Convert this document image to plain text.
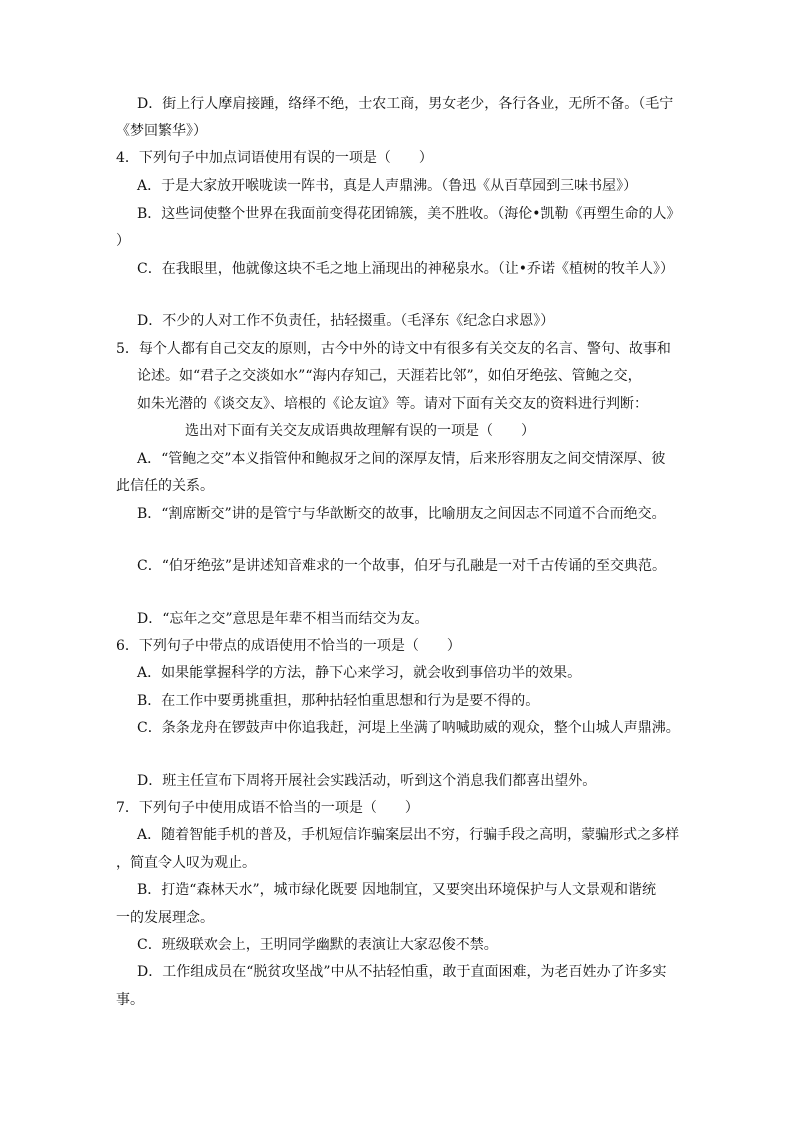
D．街上行人摩肩接踵，络绎不绝，士农工商，男女老少，各行各业，无所不备。（毛宁
《梦回繁华》）
4．下列句子中加点词语使用有误的一项是（　　）
A．于是大家放开喉咙读一阵书，真是人声鼎沸。（鲁迅《从百草园到三味书屋》）
B．这些词使整个世界在我面前变得花团锦簇，美不胜收。（海伦•凯勒《再塑生命的人》
）
C．在我眼里，他就像这块不毛之地上涌现出的神秘泉水。（让•乔诺《植树的牧羊人》）
D．不少的人对工作不负责任，拈轻掇重。（毛泽东《纪念白求恩》）
5．每个人都有自己交友的原则，古今中外的诗文中有很多有关交友的名言、警句、故事和
论述。如“君子之交淡如水”“海内存知己，天涯若比邻”，如伯牙绝弦、管鲍之交，
如朱光潜的《谈交友》、培根的《论友谊》等。请对下面有关交友的资料进行判断：
选出对下面有关交友成语典故理解有误的一项是（　　）
A．“管鲍之交”本义指管仲和鲍叔牙之间的深厚友情，后来形容朋友之间交情深厚、彼
此信任的关系。
B．“割席断交”讲的是管宁与华歆断交的故事，比喻朋友之间因志不同道不合而绝交。
C．“伯牙绝弦”是讲述知音难求的一个故事，伯牙与孔融是一对千古传诵的至交典范。
D．“忘年之交”意思是年辈不相当而结交为友。
6．下列句子中带点的成语使用不恰当的一项是（　　）
A．如果能掌握科学的方法，静下心来学习，就会收到事倍功半的效果。
B．在工作中要勇挑重担，那种拈轻怕重思想和行为是要不得的。
C．条条龙舟在锣鼓声中你追我赶，河堤上坐满了呐喊助威的观众，整个山城人声鼎沸。
D．班主任宣布下周将开展社会实践活动，听到这个消息我们都喜出望外。
7．下列句子中使用成语不恰当的一项是（　　）
A．随着智能手机的普及，手机短信诈骗案层出不穷，行骗手段之高明，蒙骗形式之多样
，简直令人叹为观止。
B．打造“森林天水”，城市绿化既要 因地制宜，又要突出环境保护与人文景观和谐统
一的发展理念。
C．班级联欢会上，王明同学幽默的表演让大家忍俊不禁。
D．工作组成员在“脱贫攻坚战”中从不拈轻怕重，敢于直面困难，为老百姓办了许多实
事。
